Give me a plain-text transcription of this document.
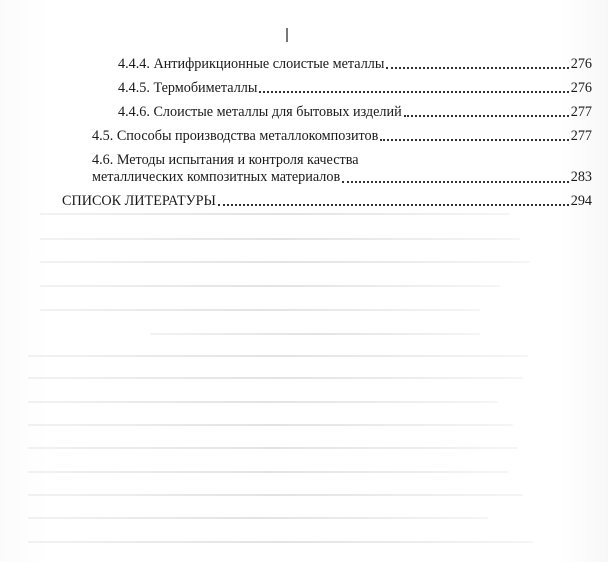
4.4.4. Антифрикционные слоистые металлы	276
4.4.5. Термобиметаллы	276
4.4.6. Слоистые металлы для бытовых изделий	277
4.5. Способы производства металлокомпозитов	277
4.6. Методы испытания и контроля качества
металлических композитных материалов	283
СПИСОК ЛИТЕРАТУРЫ	294
